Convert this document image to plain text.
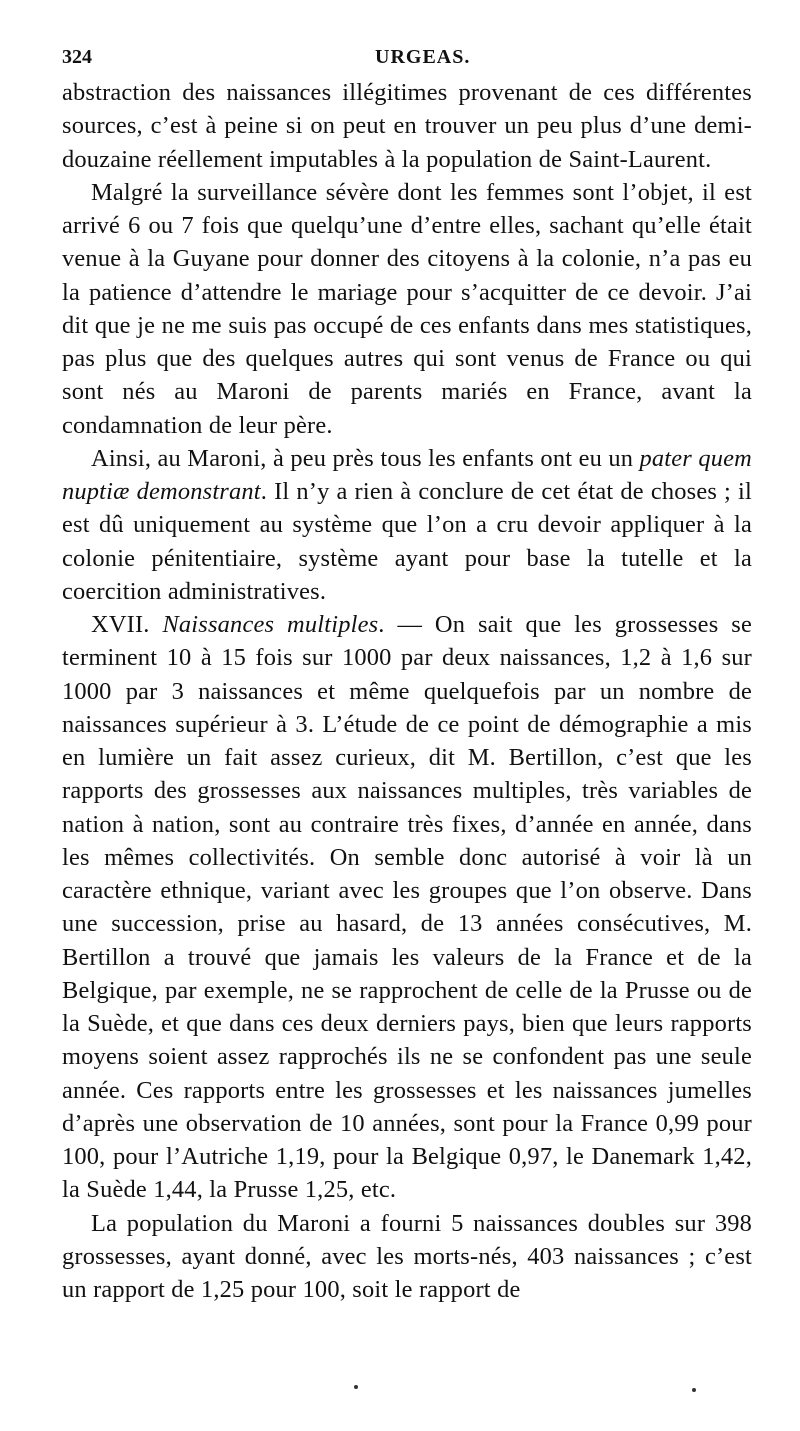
324	URGEAS.

abstraction des naissances illégitimes provenant de ces différentes sources, c’est à peine si on peut en trouver un peu plus d’une demi-douzaine réellement imputables à la population de Saint-Laurent.

Malgré la surveillance sévère dont les femmes sont l’objet, il est arrivé 6 ou 7 fois que quelqu’une d’entre elles, sachant qu’elle était venue à la Guyane pour donner des citoyens à la colonie, n’a pas eu la patience d’attendre le mariage pour s’acquitter de ce devoir. J’ai dit que je ne me suis pas occupé de ces enfants dans mes statistiques, pas plus que des quelques autres qui sont venus de France ou qui sont nés au Maroni de parents mariés en France, avant la condamnation de leur père.

Ainsi, au Maroni, à peu près tous les enfants ont eu un pater quem nuptiæ demonstrant. Il n’y a rien à conclure de cet état de choses ; il est dû uniquement au système que l’on a cru devoir appliquer à la colonie pénitentiaire, système ayant pour base la tutelle et la coercition administratives.

XVII. Naissances multiples. — On sait que les grossesses se terminent 10 à 15 fois sur 1000 par deux naissances, 1,2 à 1,6 sur 1000 par 3 naissances et même quelquefois par un nombre de naissances supérieur à 3. L’étude de ce point de démographie a mis en lumière un fait assez curieux, dit M. Bertillon, c’est que les rapports des grossesses aux naissances multiples, très variables de nation à nation, sont au contraire très fixes, d’année en année, dans les mêmes collectivités. On semble donc autorisé à voir là un caractère ethnique, variant avec les groupes que l’on observe. Dans une succession, prise au hasard, de 13 années consécutives, M. Bertillon a trouvé que jamais les valeurs de la France et de la Belgique, par exemple, ne se rapprochent de celle de la Prusse ou de la Suède, et que dans ces deux derniers pays, bien que leurs rapports moyens soient assez rapprochés ils ne se confondent pas une seule année. Ces rapports entre les grossesses et les naissances jumelles d’après une observation de 10 années, sont pour la France 0,99 pour 100, pour l’Autriche 1,19, pour la Belgique 0,97, le Danemark 1,42, la Suède 1,44, la Prusse 1,25, etc.

La population du Maroni a fourni 5 naissances doubles sur 398 grossesses, ayant donné, avec les morts-nés, 403 naissances ; c’est un rapport de 1,25 pour 100, soit le rapport de
